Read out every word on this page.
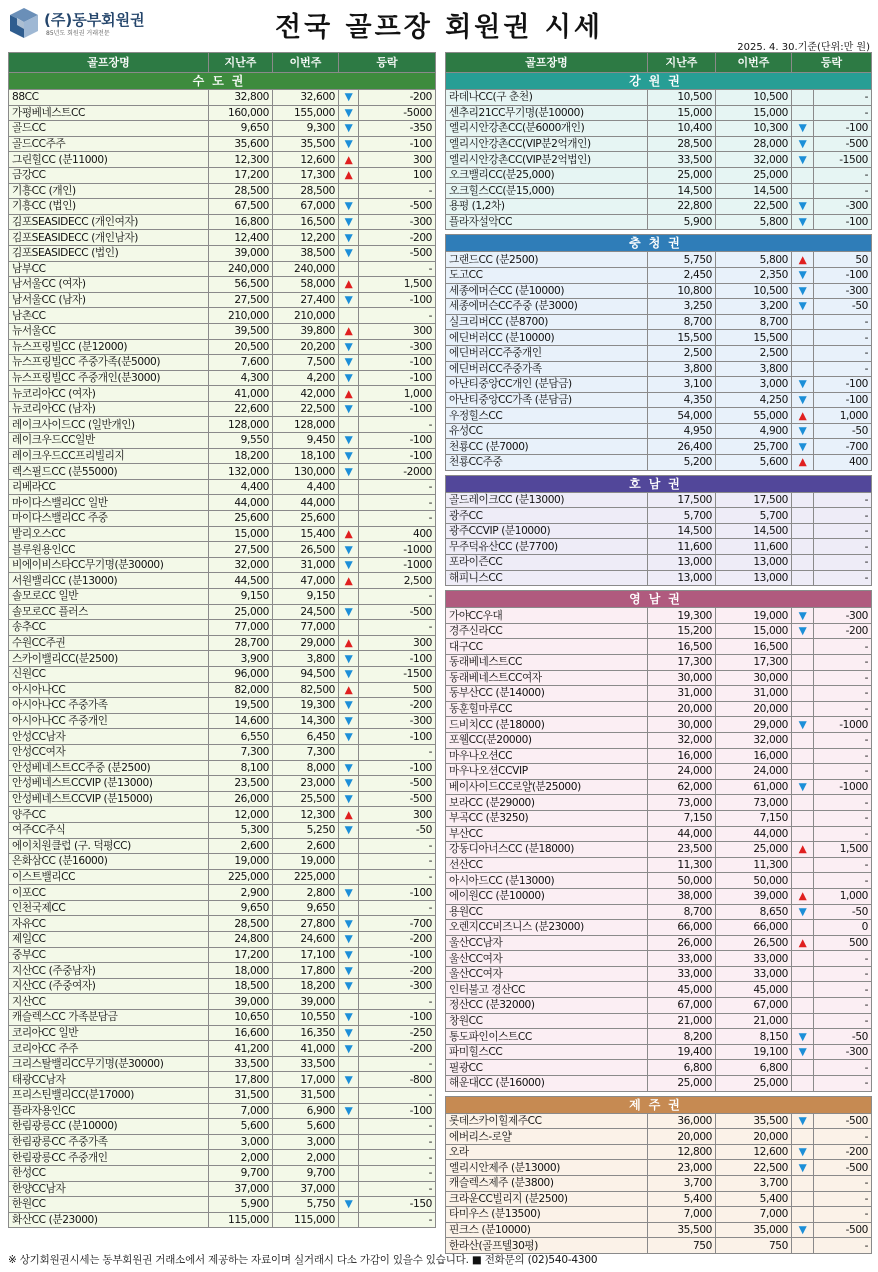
(주)동부회원권
85년도 회원권 거래전문	전국 골프장 회원권 시세
2025. 4. 30.기준(단위:만 원)
골프장명	지난주	이번주	등락	
수도권				
88CC	32,800	32,600	▼	-200
가평베네스트CC	160,000	155,000	▼	-5000
골드CC	9,650	9,300	▼	-350
골드CC주주	35,600	35,500	▼	-100
그린힐CC (분11000)	12,300	12,600	▲	300
금강CC	17,200	17,300	▲	100
기흥CC (개인)	28,500	28,500		-
기흥CC (법인)	67,500	67,000	▼	-500
김포SEASIDECC (개인여자)	16,800	16,500	▼	-300
김포SEASIDECC (개인남자)	12,400	12,200	▼	-200
김포SEASIDECC (법인)	39,000	38,500	▼	-500
남부CC	240,000	240,000		-
남서울CC (여자)	56,500	58,000	▲	1,500
남서울CC (남자)	27,500	27,400	▼	-100
남촌CC	210,000	210,000		-
뉴서울CC	39,500	39,800	▲	300
뉴스프링빌CC (분12000)	20,500	20,200	▼	-300
뉴스프링빌CC 주중가족(분5000)	7,600	7,500	▼	-100
뉴스프링빌CC 주중개인(분3000)	4,300	4,200	▼	-100
뉴코리아CC (여자)	41,000	42,000	▲	1,000
뉴코리아CC (남자)	22,600	22,500	▼	-100
레이크사이드CC (일반개인)	128,000	128,000		-
레이크우드CC일반	9,550	9,450	▼	-100
레이크우드CC프리빌리지	18,200	18,100	▼	-100
렉스필드CC (분55000)	132,000	130,000	▼	-2000
리베라CC	4,400	4,400		-
마이다스밸리CC 일반	44,000	44,000		-
마이다스밸리CC 주중	25,600	25,600		-
발리오스CC	15,000	15,400	▲	400
블루원용인CC	27,500	26,500	▼	-1000
비에이비스타CC무기명(분30000)	32,000	31,000	▼	-1000
서원밸리CC (분13000)	44,500	47,000	▲	2,500
솔모로CC 일반	9,150	9,150		-
솔모로CC 플러스	25,000	24,500	▼	-500
송추CC	77,000	77,000		-
수원CC주권	28,700	29,000	▲	300
스카이밸리CC(분2500)	3,900	3,800	▼	-100
신원CC	96,000	94,500	▼	-1500
아시아나CC	82,000	82,500	▲	500
아시아나CC 주중가족	19,500	19,300	▼	-200
아시아나CC 주중개인	14,600	14,300	▼	-300
안성CC남자	6,550	6,450	▼	-100
안성CC여자	7,300	7,300		-
안성베네스트CC주중 (분2500)	8,100	8,000	▼	-100
안성베네스트CCVIP (분13000)	23,500	23,000	▼	-500
안성베네스트CCVIP (분15000)	26,000	25,500	▼	-500
양주CC	12,000	12,300	▲	300
여주CC주식	5,300	5,250	▼	-50
에이치원클럽 (구. 덕평CC)	2,600	2,600		-
은화삼CC (분16000)	19,000	19,000		-
이스트밸리CC	225,000	225,000		-
이포CC	2,900	2,800	▼	-100
인천국제CC	9,650	9,650		-
자유CC	28,500	27,800	▼	-700
제일CC	24,800	24,600	▼	-200
중부CC	17,200	17,100	▼	-100
지산CC (주중남자)	18,000	17,800	▼	-200
지산CC (주중여자)	18,500	18,200	▼	-300
지산CC	39,000	39,000		-
캐슬렉스CC 가족분담금	10,650	10,550	▼	-100
코리아CC 일반	16,600	16,350	▼	-250
코리아CC 주주	41,200	41,000	▼	-200
크리스탈밸리CC무기명(분30000)	33,500	33,500		-
태광CC남자	17,800	17,000	▼	-800
프리스틴밸리CC(분17000)	31,500	31,500		-
플라자용인CC	7,000	6,900	▼	-100
한림광릉CC (분10000)	5,600	5,600		-
한림광릉CC 주중가족	3,000	3,000		-
한림광릉CC 주중개인	2,000	2,000		-
한성CC	9,700	9,700		-
한양CC남자	37,000	37,000		-
한원CC	5,900	5,750	▼	-150
화산CC (분23000)	115,000	115,000		-
골프장명	지난주	이번주	등락	
강원권				
라데나CC(구 춘천)	10,500	10,500		-
센추리21CC무기명(분10000)	15,000	15,000		-
엘리시안강촌CC(분6000개인)	10,400	10,300	▼	-100
엘리시안강촌CC(VIP분2억개인)	28,500	28,000	▼	-500
엘리시안강촌CC(VIP분2억법인)	33,500	32,000	▼	-1500
오크밸리CC(분25,000)	25,000	25,000		-
오크힐스CC(분15,000)	14,500	14,500		-
용평 (1,2차)	22,800	22,500	▼	-300
플라자설악CC	5,900	5,800	▼	-100

충청권				
그랜드CC (분2500)	5,750	5,800	▲	50
도고CC	2,450	2,350	▼	-100
세종에머슨CC (분10000)	10,800	10,500	▼	-300
세종에머슨CC주중 (분3000)	3,250	3,200	▼	-50
실크리버CC (분8700)	8,700	8,700		-
에딘버러CC (분10000)	15,500	15,500		-
에딘버러CC주중개인	2,500	2,500		-
에딘버러CC주중가족	3,800	3,800		-
아난티중앙CC개인 (분담금)	3,100	3,000	▼	-100
아난티중앙CC가족 (분담금)	4,350	4,250	▼	-100
우정힐스CC	54,000	55,000	▲	1,000
유성CC	4,950	4,900	▼	-50
천룡CC (분7000)	26,400	25,700	▼	-700
천룡CC주중	5,200	5,600	▲	400

호남권				
골드레이크CC (분13000)	17,500	17,500		-
광주CC	5,700	5,700		-
광주CCVIP (분10000)	14,500	14,500		-
무주덕유산CC (분7700)	11,600	11,600		-
포라이즌CC	13,000	13,000		-
해피니스CC	13,000	13,000		-

영남권				
가야CC우대	19,300	19,000	▼	-300
경주신라CC	15,200	15,000	▼	-200
대구CC	16,500	16,500		-
동래베네스트CC	17,300	17,300		-
동래베네스트CC여자	30,000	30,000		-
동부산CC (분14000)	31,000	31,000		-
동훈힐마루CC	20,000	20,000		-
드비치CC (분18000)	30,000	29,000	▼	-1000
포웰CC(분20000)	32,000	32,000		-
마우나오션CC	16,000	16,000		-
마우나오션CCVIP	24,000	24,000		-
베이사이드CC로얄(분25000)	62,000	61,000	▼	-1000
보라CC (분29000)	73,000	73,000		-
부곡CC (분3250)	7,150	7,150		-
부산CC	44,000	44,000		-
강동디아너스CC (분18000)	23,500	25,000	▲	1,500
선산CC	11,300	11,300		-
아시아드CC (분13000)	50,000	50,000		-
에이원CC (분10000)	38,000	39,000	▲	1,000
용원CC	8,700	8,650	▼	-50
오렌지CC비즈니스 (분23000)	66,000	66,000		0
울산CC남자	26,000	26,500	▲	500
울산CC여자	33,000	33,000		-
울산CC여자	33,000	33,000		-
인터불고 경산CC	45,000	45,000		-
정산CC (분32000)	67,000	67,000		-
창원CC	21,000	21,000		-
통도파인이스트CC	8,200	8,150	▼	-50
파미힐스CC	19,400	19,100	▼	-300
필광CC	6,800	6,800		-
해운대CC (분16000)	25,000	25,000		-

제주권				
롯데스카이힐제주CC	36,000	35,500	▼	-500
에버리스-로얄	20,000	20,000		-
오라	12,800	12,600	▼	-200
엘리시안제주 (분13000)	23,000	22,500	▼	-500
캐슬렉스제주 (분3800)	3,700	3,700		-
크라운CC빌리지 (분2500)	5,400	5,400		-
타미우스 (분13500)	7,000	7,000		-
핀크스 (분10000)	35,500	35,000	▼	-500
한라산(골프텔30평)	750	750		-
※ 상기회원권시세는 동부회원권 거래소에서 제공하는 자료이며 실거래시 다소 가감이 있을수 있습니다. ■ 전화문의 (02)540-4300
